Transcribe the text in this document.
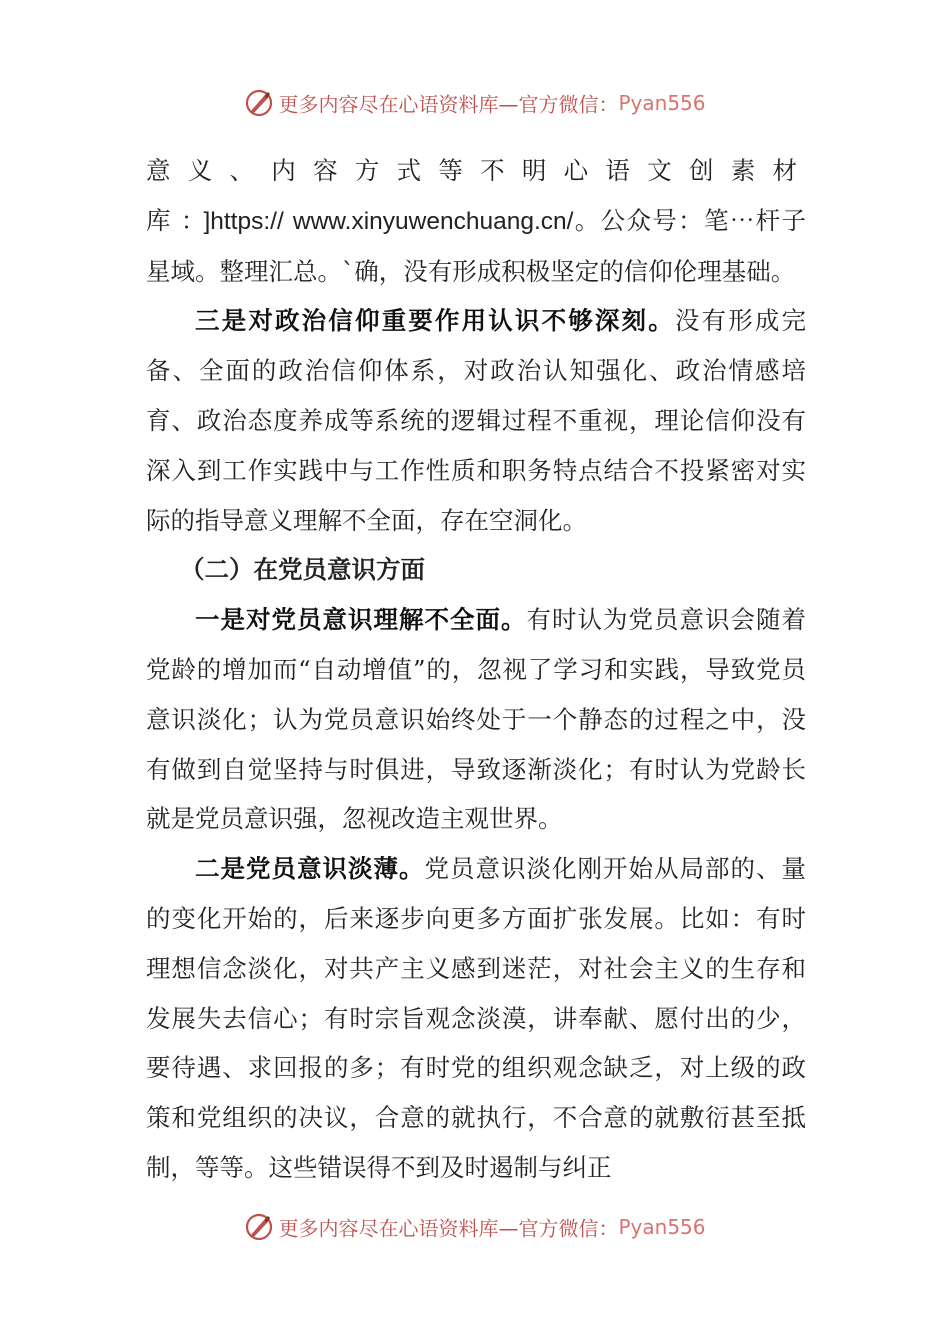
更多内容尽在心语资料库—官方微信：Pyan556

意义、内容方式等不明心语文创素材库：]https:// www.xinyuwenchuang.cn/。公众号：笔⋯杆子星域。整理汇总。`确，没有形成积极坚定的信仰伦理基础。

三是对政治信仰重要作用认识不够深刻。没有形成完备、全面的政治信仰体系，对政治认知强化、政治情感培育、政治态度养成等系统的逻辑过程不重视，理论信仰没有深入到工作实践中与工作性质和职务特点结合不投紧密对实际的指导意义理解不全面，存在空洞化。

（二）在党员意识方面

一是对党员意识理解不全面。有时认为党员意识会随着党龄的增加而“自动增值”的，忽视了学习和实践，导致党员意识淡化；认为党员意识始终处于一个静态的过程之中，没有做到自觉坚持与时俱进，导致逐渐淡化；有时认为党龄长就是党员意识强，忽视改造主观世界。

二是党员意识淡薄。党员意识淡化刚开始从局部的、量的变化开始的，后来逐步向更多方面扩张发展。比如：有时理想信念淡化，对共产主义感到迷茫，对社会主义的生存和发展失去信心；有时宗旨观念淡漠，讲奉献、愿付出的少，要待遇、求回报的多；有时党的组织观念缺乏，对上级的政策和党组织的决议，合意的就执行，不合意的就敷衍甚至抵制，等等。这些错误得不到及时遏制与纠正

更多内容尽在心语资料库—官方微信：Pyan556
